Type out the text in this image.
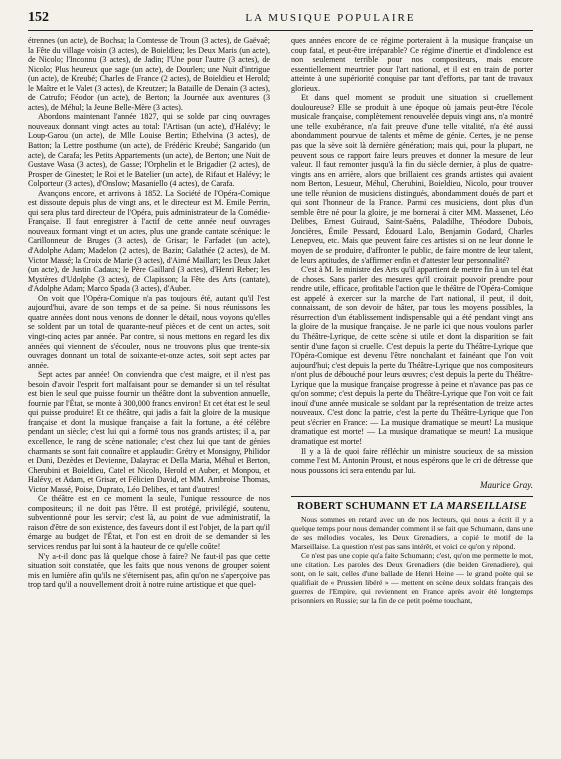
152	LA MUSIQUE POPULAIRE

étrennes (un acte), de Bochsa; la Comtesse de Troun (3 actes), de Gaëvaê; la Fête du village voisin (3 actes), de Boieldieu; les Deux Maris (un acte), de Nicolo; l'Inconnu (3 actes), de Jadin; l'Une pour l'autre (3 actes), de Nicolo; Plus heureux que sage (un acte), de Dourlen; une Nuit d'intrigue (un acte), de Kreubé; Charles de France (2 actes), de Boieldieu et Herold; le Maître et le Valet (3 actes), de Kreutzer; la Bataille de Denain (3 actes), de Catrufo; Féodor (un acte), de Berton; la Journée aux aventures (3 actes), de Méhul; la Jeune Belle-Mère (3 actes).

Abordons maintenant l'année 1827, qui se solde par cinq ouvrages nouveaux donnant vingt actes au total: l'Artisan (un acte), d'Halévy; le Loup-Garou (un acte), de Mlle Louise Bertin; Ethelvina (3 actes), de Batton; la Lettre posthume (un acte), de Frédéric Kreubé; Sangarido (un acte), de Carafa; les Petits Appartements (un acte), de Berton; une Nuit de Gustave Wasa (3 actes), de Gasse; l'Orphelin et le Brigadier (2 actes), de Prosper de Ginestet; le Roi et le Batelier (un acte), de Rifaut et Halévy; le Colporteur (3 actes), d'Onslow; Masaniello (4 actes), de Carafa.

Avançons encore, et arrivons à 1852. La Société de l'Opéra-Comique est dissoute depuis plus de vingt ans, et le directeur est M. Emile Perrin, qui sera plus tard directeur de l'Opéra, puis administrateur de la Comédie-Française. Il faut enregistrer à l'actif de cette année neuf ouvrages nouveaux formant vingt et un actes, plus une grande cantate scénique: le Carillonneur de Bruges (3 actes), de Grisar; le Farfadet (un acte), d'Adolphe Adam; Madelon (2 actes), de Bazin; Galathée (2 actes), de M. Victor Massé; la Croix de Marie (3 actes), d'Aimé Maillart; les Deux Jaket (un acte), de Justin Cadaux; le Père Gaillard (3 actes), d'Henri Reber; les Mystères d'Udolphe (3 actes), de Clapisson; la Fête des Arts (cantate), d'Adolphe Adam; Marco Spada (3 actes), d'Auber.

On voit que l'Opéra-Comique n'a pas toujours été, autant qu'il l'est aujourd'hui, avare de son temps et de sa peine. Si nous réunissons les quatre années dont nous venons de donner le détail, nous voyons qu'elles se soldent par un total de quarante-neuf pièces et de cent un actes, soit vingt-cinq actes par année. Par contre, si nous mettons en regard les dix années qui viennent de s'écouler, nous ne trouvons plus que trente-six ouvrages donnant un total de soixante-et-onze actes, soit sept actes par année.

Sept actes par année! On conviendra que c'est maigre, et il n'est pas besoin d'avoir l'esprit fort malfaisant pour se demander si un tel résultat est bien le seul que puisse fournir un théâtre dont la subvention annuelle, fournie par l'État, se monte à 300,000 francs environ! Et cet état est le seul qui puisse produire! Et ce théâtre, qui jadis a fait la gloire de la musique française et dont la musique française a fait la fortune, a été célèbre pendant un siècle; c'est lui qui a formé tous nos grands artistes; il a, par excellence, le rang de scène nationale; c'est chez lui que tant de génies charmants se sont fait connaître et applaudir: Grétry et Monsigny, Philidor et Duni, Dezèdes et Devienne, Dalayrac et Della Maria, Méhul et Berton, Cherubini et Boieldieu, Catel et Nicolo, Herold et Auber, et Monpou, et Halévy, et Adam, et Grisar, et Félicien David, et MM. Ambroise Thomas, Victor Massé, Poise, Duprato, Léo Delibes, et tant d'autres!

Ce théâtre est en ce moment la seule, l'unique ressource de nos compositeurs; il ne doit pas l'être. Il est protégé, privilégié, soutenu, subventionné pour les servir; c'est là, au point de vue administratif, la raison d'être de son existence, des faveurs dont il est l'objet, de la part qu'il émarge au budget de l'État, et l'on est en droit de se demander si les services rendus par lui sont à la hauteur de ce qu'elle coûte!

N'y a-t-il donc pas là quelque chose à faire? Ne faut-il pas que cette situation soit constatée, que les faits que nous venons de grouper soient mis en lumière afin qu'ils ne s'éternisent pas, afin qu'on ne s'aperçoive pas trop tard qu'il a nouvellement droit à notre ruine artistique et que quel-

ques années encore de ce régime porteraient à la musique française un coup fatal, et peut-être irréparable? Ce régime d'inertie et d'indolence est non seulement terrible pour nos compositeurs, mais encore essentiellement meurtrier pour l'art national, et il est en train de porter atteinte à une supériorité conquise par tant d'efforts, par tant de travaux glorieux.

Et dans quel moment se produit une situation si cruellement douloureuse? Elle se produit à une époque où jamais peut-être l'école musicale française, complètement renouvelée depuis vingt ans, n'a montré une telle exubérance, n'a fait preuve d'une telle vitalité, n'a été aussi abondamment pourvue de talents et même de génie. Certes, je ne pense pas que la sève soit là dernière génération; mais qui, pour la plupart, ne peuvent sous ce rapport faire leurs preuves et donner la mesure de leur valeur. Il faut remonter jusqu'à la fin du siècle dernier, à plus de quatre-vingts ans en arrière, alors que brillaient ces grands artistes qui avaient nom Berton, Lesueur, Méhul, Cherubini, Boieldieu, Nicolo, pour trouver une telle réunion de musiciens distingués, abondamment doués de part et qui sont l'honneur de la France. Parmi ces musiciens, dont plus d'un semble être né pour la gloire, je me bornerai à citer MM. Massenet, Léo Delibes, Ernest Guiraud, Saint-Saëns, Paladilhe, Théodore Dubois, Joncières, Émile Pessard, Édouard Lalo, Benjamin Godard, Charles Lenepveu, etc. Mais que peuvent faire ces artistes si on ne leur donne le moyen de se produire, d'affronter le public, de faire montre de leur talent, de leurs aptitudes, de s'affirmer enfin et d'attester leur personnalité?

C'est à M. le ministre des Arts qu'il appartient de mettre fin à un tel état de choses. Sans parler des mesures qu'il croirait pouvoir prendre pour rendre utile, efficace, profitable l'action que le théâtre de l'Opéra-Comique est appelé à exercer sur la marche de l'art national, il peut, il doit, connaissant, de son devoir de hâter, par tous les moyens possibles, la résurrection d'un établissement indispensable qui a été pendant vingt ans la gloire de la musique française. Je ne parle ici que nous voulons parler du Théâtre-Lyrique, de cette scène si utile et dont la disparition se fait sentir d'une façon si cruelle. C'est depuis la perte du Théâtre-Lyrique que l'Opéra-Comique est devenu l'être nonchalant et fainéant que l'on voit aujourd'hui; c'est depuis la perte du Théâtre-Lyrique que nos compositeurs n'ont plus de débouché pour leurs œuvres; c'est depuis la perte du Théâtre-Lyrique que la musique française progresse à peine et n'avance pas pas ce qu'on somme; c'est depuis la perte du Théâtre-Lyrique que l'on voit ce fait inouï d'une année musicale se soldant par la représentation de treize actes nouveaux. C'est donc la patrie, c'est la perte du Théâtre-Lyrique que l'on peut s'écrier en France: — La musique dramatique se meurt! La musique dramatique est morte! — La musique dramatique se meurt! La musique dramatique est morte!

Il y a là de quoi faire réfléchir un ministre soucieux de sa mission comme l'est M. Antonin Proust, et nous espérons que le cri de détresse que nous poussons ici sera entendu par lui.

Maurice Gray.
ROBERT SCHUMANN ET LA MARSEILLAISE

Nous sommes en retard avec un de nos lecteurs, qui nous a écrit il y a quelque temps pour nous demander comment il se fait que Schumann, dans une de ses mélodies vocales, les Deux Grenadiers, a copié le motif de la Marseillaise. La question n'est pas sans intérêt, et voici ce qu'on y répond.

Ce n'est pas une copie qu'a faite Schumann; c'est, qu'on me permette le mot, une citation. Les paroles des Deux Grenadiers (die beiden Grenadiere), qui sont, on le sait, celles d'une ballade de Henri Heine — le grand poète qui se qualifiait de « Prussien libéré » — mettent en scène deux soldats français des guerres de l'Empire, qui reviennent en France après avoir été longtemps prisonniers en Russie; sur la fin de ce petit poème touchant,
